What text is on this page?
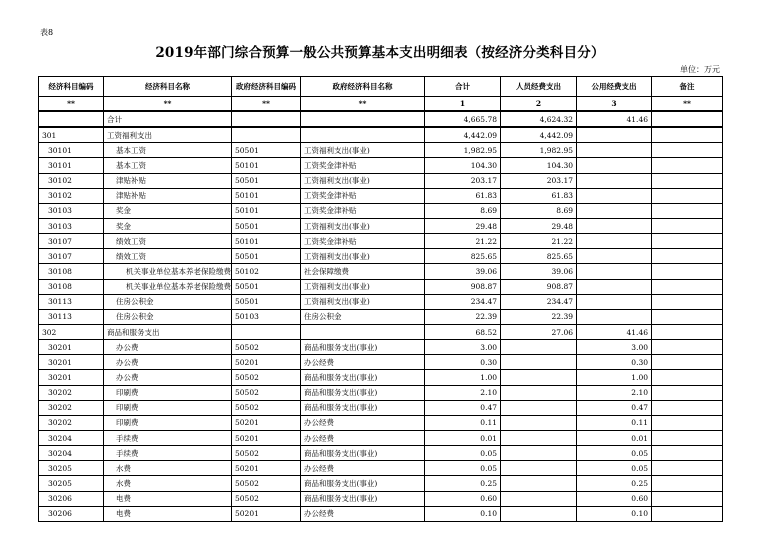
表8
2019年部门综合预算一般公共预算基本支出明细表（按经济分类科目分）
单位：万元
经济科目编码	经济科目名称	政府经济科目编码	政府经济科目名称	合计	人员经费支出	公用经费支出	备注
**	**	**	**	1	2	3	**
	合计			4,665.78	4,624.32	41.46	
301	工资福利支出			4,442.09	4,442.09		
30101	基本工资	50501	工资福利支出(事业)	1,982.95	1,982.95		
30101	基本工资	50101	工资奖金津补贴	104.30	104.30		
30102	津贴补贴	50501	工资福利支出(事业)	203.17	203.17		
30102	津贴补贴	50101	工资奖金津补贴	61.83	61.83		
30103	奖金	50101	工资奖金津补贴	8.69	8.69		
30103	奖金	50501	工资福利支出(事业)	29.48	29.48		
30107	绩效工资	50101	工资奖金津补贴	21.22	21.22		
30107	绩效工资	50501	工资福利支出(事业)	825.65	825.65		
30108	机关事业单位基本养老保险缴费	50102	社会保障缴费	39.06	39.06		
30108	机关事业单位基本养老保险缴费	50501	工资福利支出(事业)	908.87	908.87		
30113	住房公积金	50501	工资福利支出(事业)	234.47	234.47		
30113	住房公积金	50103	住房公积金	22.39	22.39		
302	商品和服务支出			68.52	27.06	41.46	
30201	办公费	50502	商品和服务支出(事业)	3.00		3.00	
30201	办公费	50201	办公经费	0.30		0.30	
30201	办公费	50502	商品和服务支出(事业)	1.00		1.00	
30202	印刷费	50502	商品和服务支出(事业)	2.10		2.10	
30202	印刷费	50502	商品和服务支出(事业)	0.47		0.47	
30202	印刷费	50201	办公经费	0.11		0.11	
30204	手续费	50201	办公经费	0.01		0.01	
30204	手续费	50502	商品和服务支出(事业)	0.05		0.05	
30205	水费	50201	办公经费	0.05		0.05	
30205	水费	50502	商品和服务支出(事业)	0.25		0.25	
30206	电费	50502	商品和服务支出(事业)	0.60		0.60	
30206	电费	50201	办公经费	0.10		0.10	
